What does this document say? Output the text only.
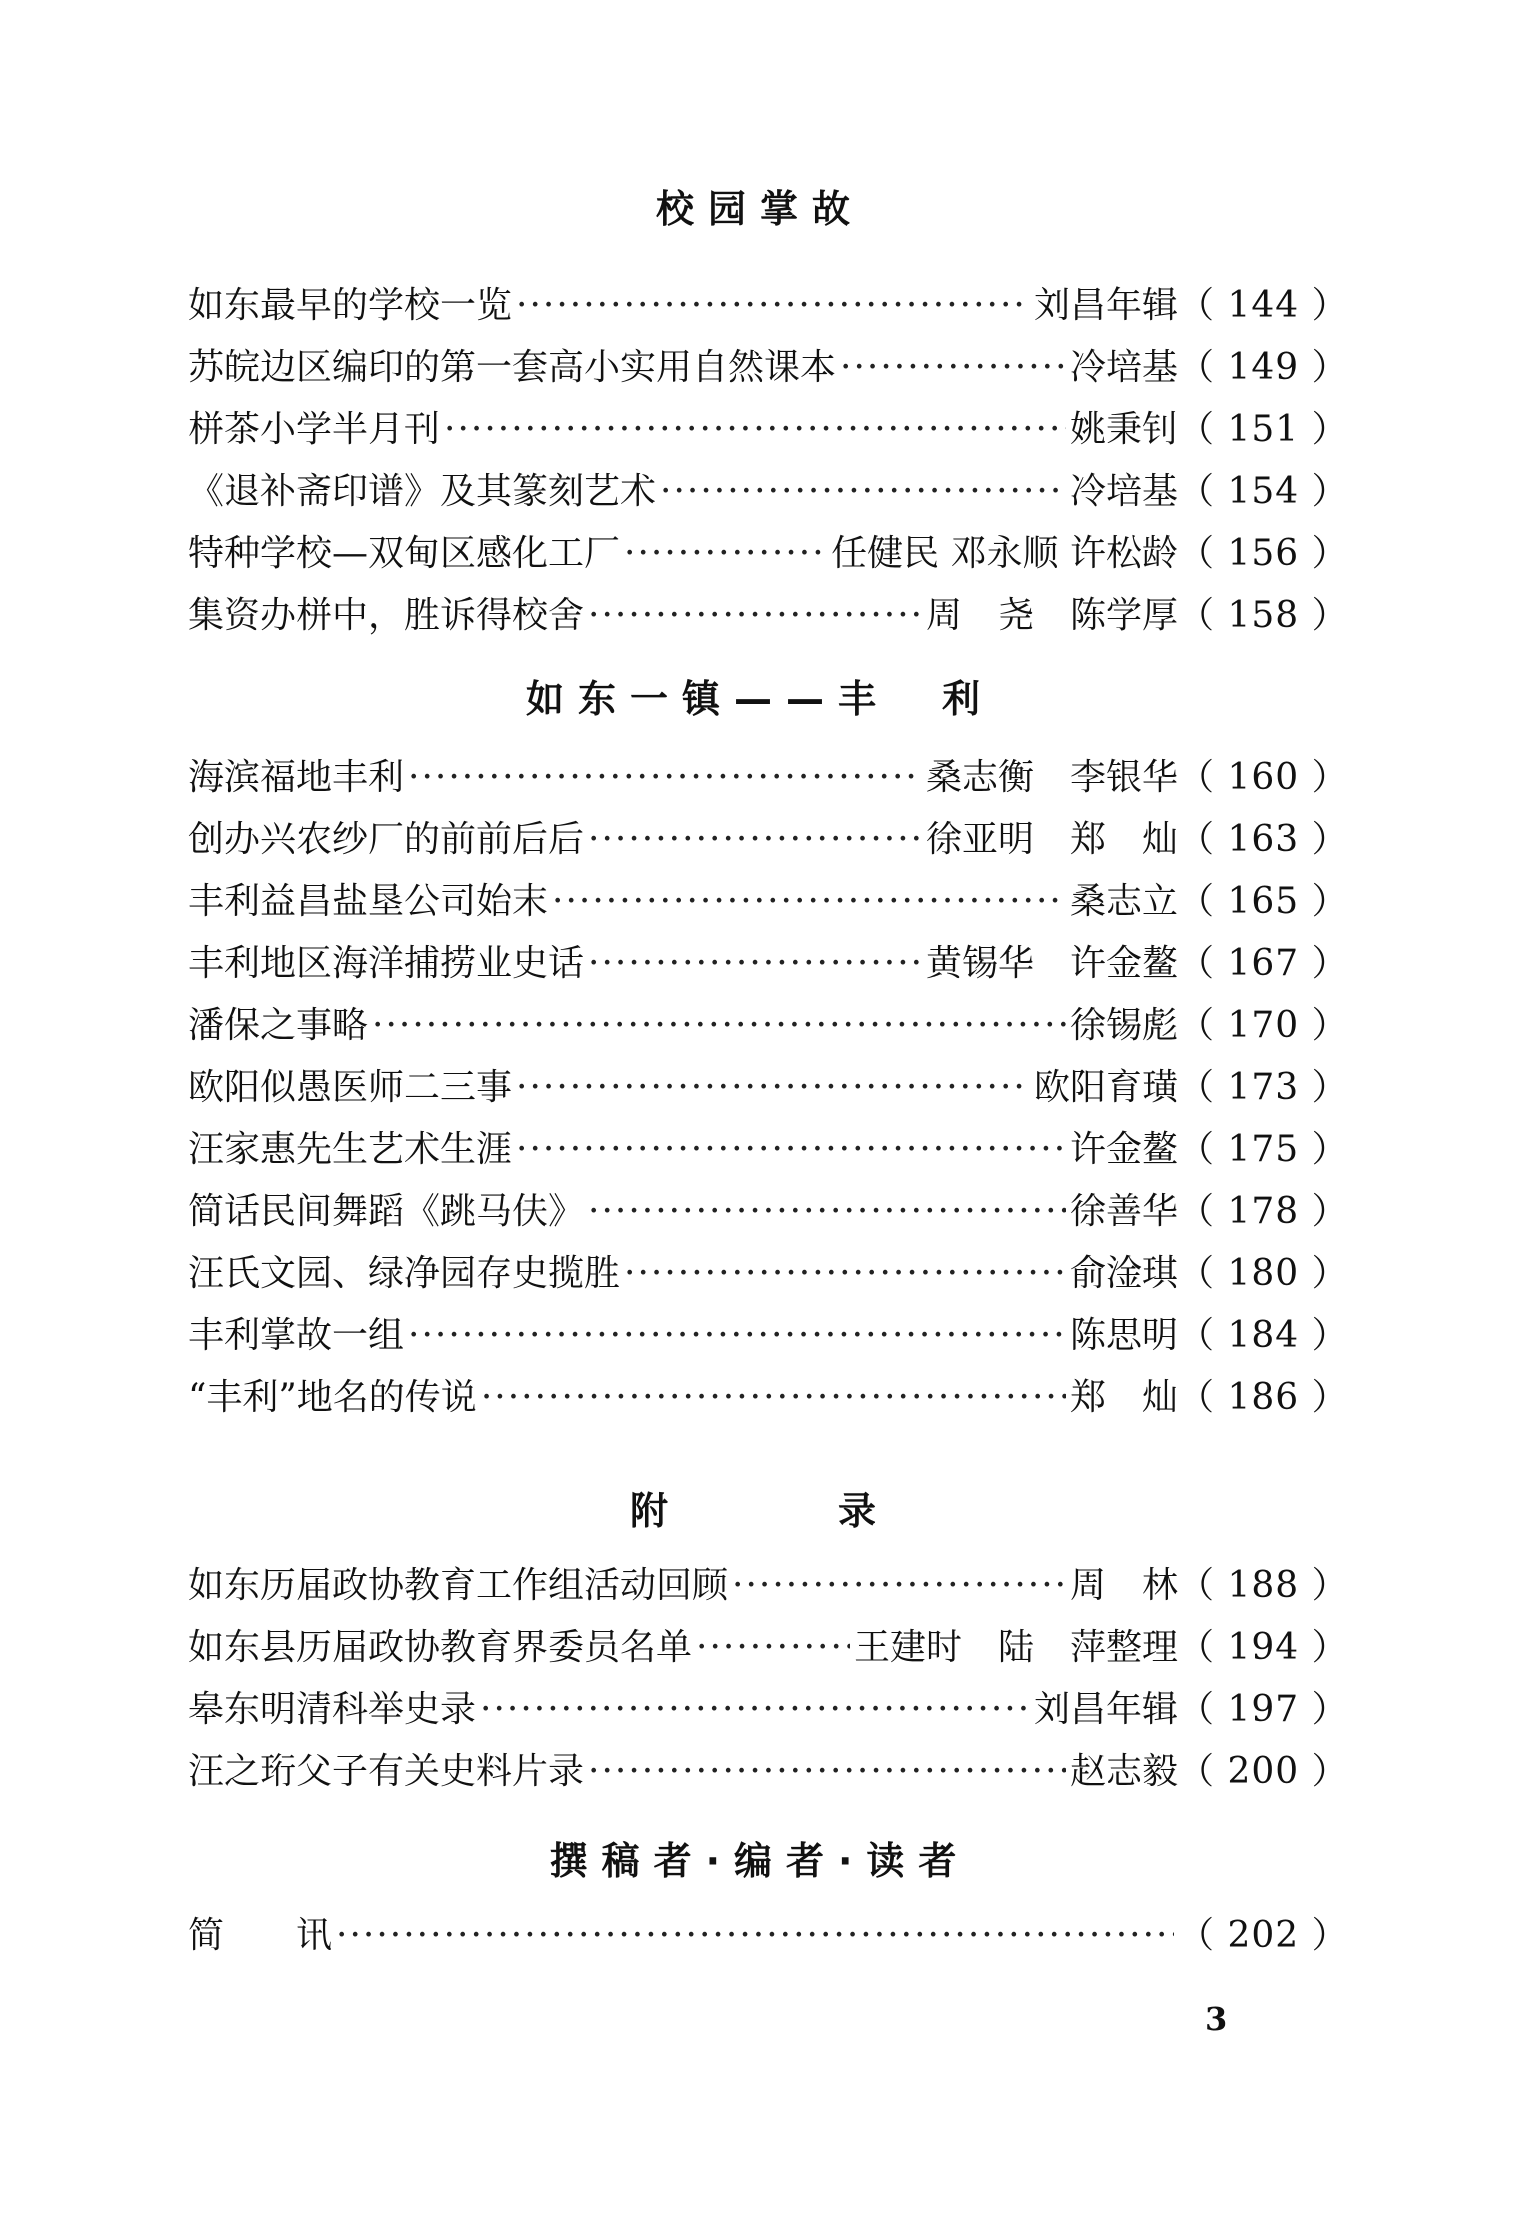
校园掌故
如东最早的学校一览 ·····	刘昌年辑 （ 144 ）
苏皖边区编印的第一套高小实用自然课本 ·····	冷培基 （ 149 ）
栟茶小学半月刊 ·····	姚秉钊 （ 151 ）
《退补斋印谱》及其篆刻艺术 ·····	冷培基 （ 154 ）
特种学校—双甸区感化工厂 ·····	任健民 邓永顺 许松龄 （ 156 ）
集资办栟中，胜诉得校舍 ·····	周　尧　陈学厚 （ 158 ）
如东一镇——丰　利
海滨福地丰利 ·····	桑志衡　李银华 （ 160 ）
创办兴农纱厂的前前后后 ·····	徐亚明　郑　灿 （ 163 ）
丰利益昌盐垦公司始末 ·····	桑志立 （ 165 ）
丰利地区海洋捕捞业史话 ·····	黄锡华　许金鳌 （ 167 ）
潘保之事略 ·····	徐锡彪 （ 170 ）
欧阳似愚医师二三事 ·····	欧阳育璜 （ 173 ）
汪家惠先生艺术生涯 ·····	许金鳌 （ 175 ）
简话民间舞蹈《跳马伕》 ·····	徐善华 （ 178 ）
汪氏文园、绿净园存史揽胜 ·····	俞淦琪 （ 180 ）
丰利掌故一组 ·····	陈思明 （ 184 ）
“丰利”地名的传说 ·····	郑　灿 （ 186 ）
附　　　录
如东历届政协教育工作组活动回顾 ·····	周　林 （ 188 ）
如东县历届政协教育界委员名单 ·····	王建时　陆　萍整理 （ 194 ）
皋东明清科举史录 ·····	刘昌年辑 （ 197 ）
汪之珩父子有关史料片录 ·····	赵志毅 （ 200 ）
撰稿者·编者·读者
简　　讯 ·····	（ 202 ）
3
